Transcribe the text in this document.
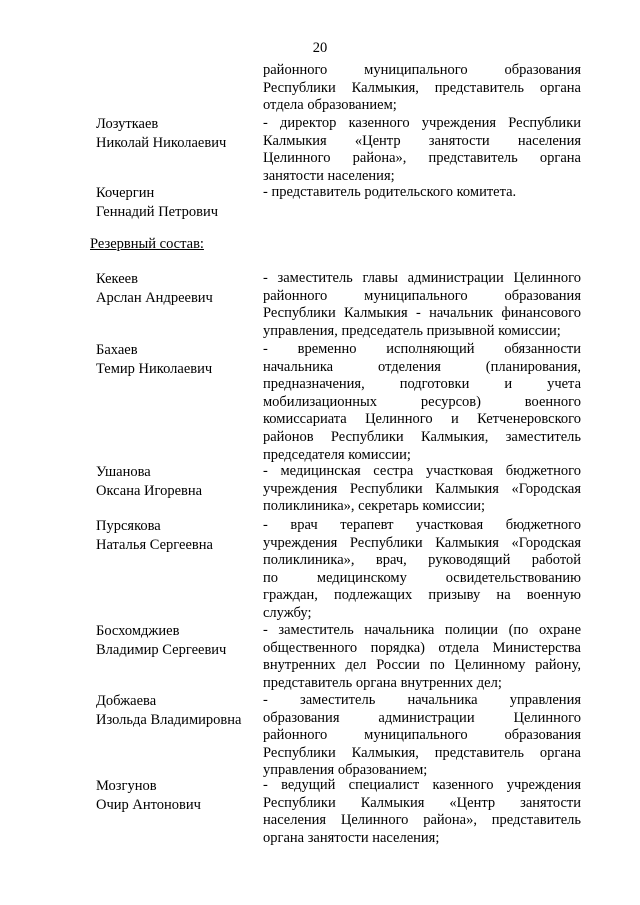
20
районного муниципального образования
Республики Калмыкия, представитель органа
отдела образованием;
Лозуткаев
Николай Николаевич
- директор казенного учреждения Республики
Калмыкия «Центр занятости населения
Целинного района», представитель органа
занятости населения;
Кочергин
Геннадий Петрович
- представитель родительского комитета.
Резервный состав:
Кекеев
Арслан Андреевич
- заместитель главы администрации Целинного
районного муниципального образования
Республики Калмыкия - начальник финансового
управления, председатель призывной комиссии;
Бахаев
Темир Николаевич
- временно исполняющий обязанности
начальника отделения (планирования,
предназначения, подготовки и учета
мобилизационных ресурсов) военного
комиссариата Целинного и Кетченеровского
районов Республики Калмыкия, заместитель
председателя комиссии;
Ушанова
Оксана Игоревна
- медицинская сестра участковая бюджетного
учреждения Республики Калмыкия «Городская
поликлиника», секретарь комиссии;
Пурсякова
Наталья Сергеевна
- врач терапевт участковая бюджетного
учреждения Республики Калмыкия «Городская
поликлиника», врач, руководящий работой
по медицинскому освидетельствованию
граждан, подлежащих призыву на военную
службу;
Босхомджиев
Владимир Сергеевич
- заместитель начальника полиции (по охране
общественного порядка) отдела Министерства
внутренних дел России по Целинному району,
представитель органа внутренних дел;
Добжаева
Изольда Владимировна
- заместитель начальника управления
образования администрации Целинного
районного муниципального образования
Республики Калмыкия, представитель органа
управления образованием;
Мозгунов
Очир Антонович
- ведущий специалист казенного учреждения
Республики Калмыкия «Центр занятости
населения Целинного района», представитель
органа занятости населения;
